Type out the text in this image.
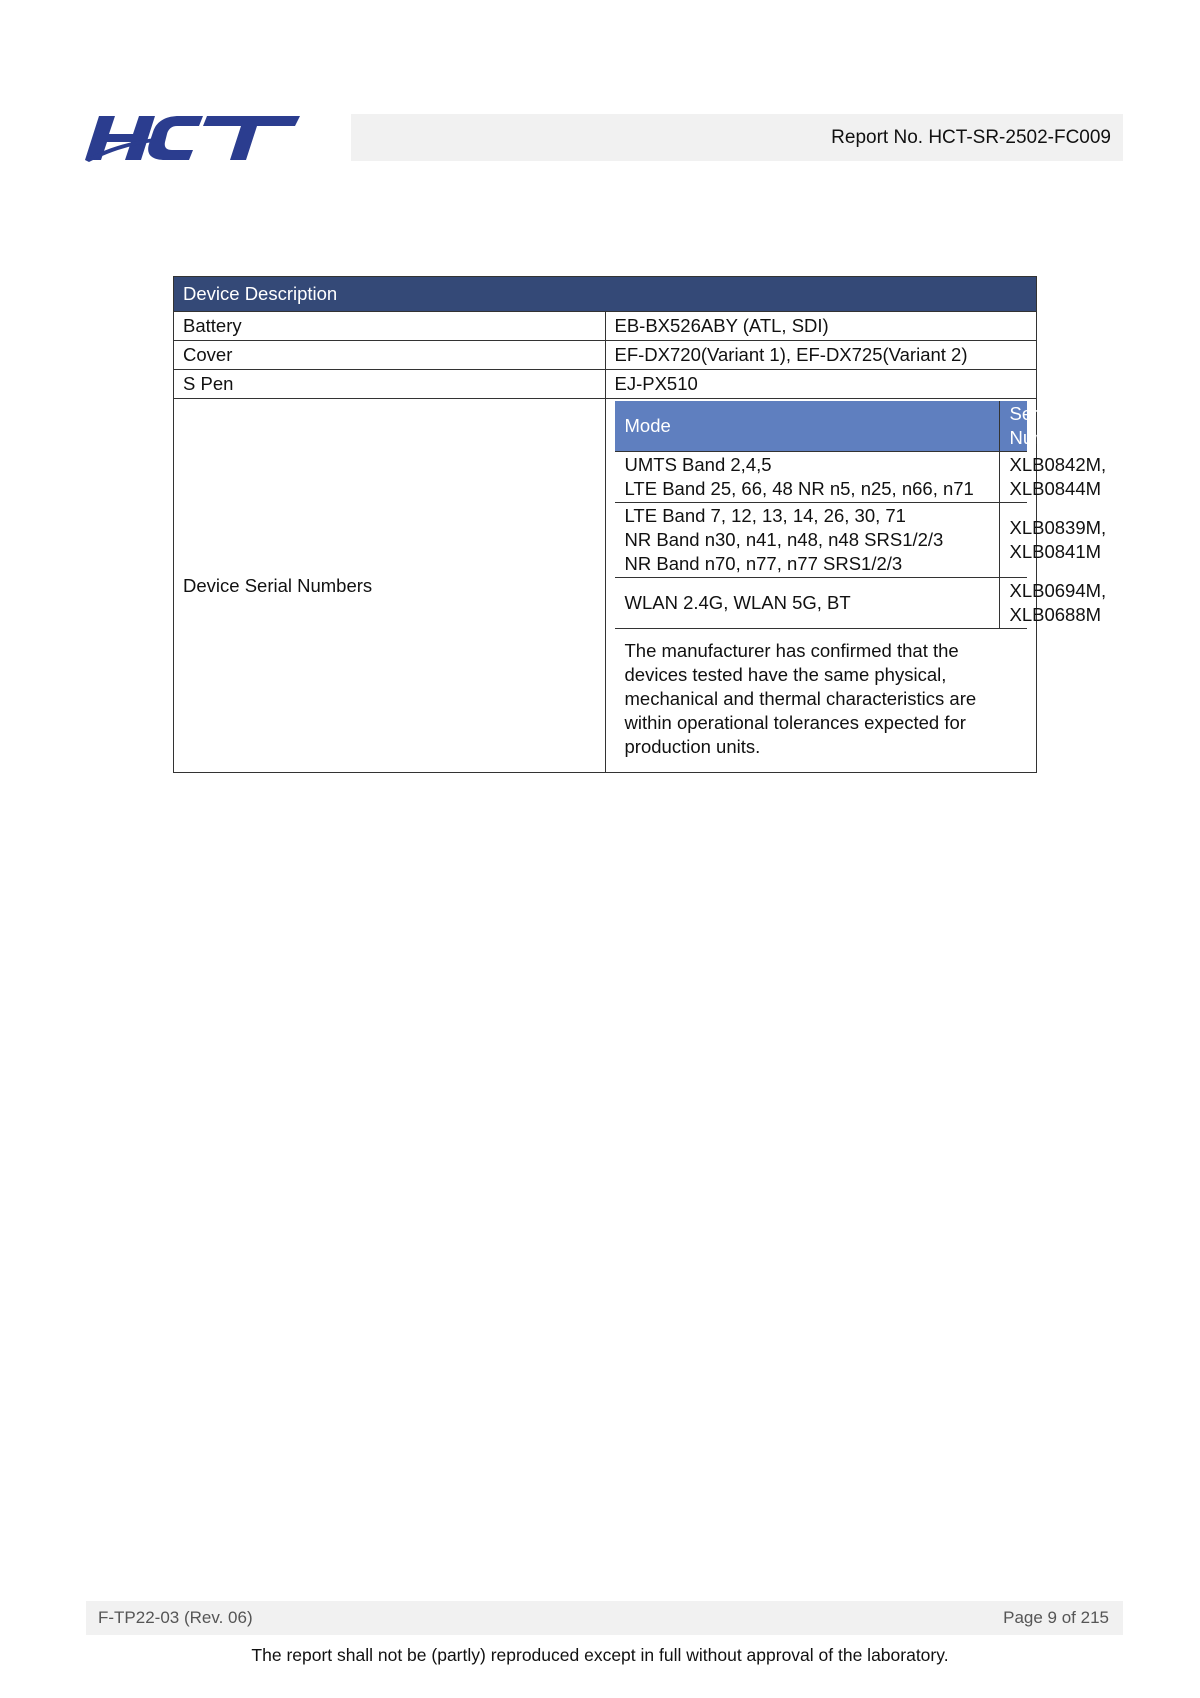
Report No. HCT-SR-2502-FC009
Device Description
Battery	EB-BX526ABY (ATL, SDI)
Cover	EF-DX720(Variant 1), EF-DX725(Variant 2)
S Pen	EJ-PX510
Device Serial Numbers	
Mode	Serial Number

UMTS Band 2,4,5
LTE Band 25, 66, 48 NR n5, n25, n66, n71
	XLB0842M, XLB0844M

LTE Band 7, 12, 13, 14, 26, 30, 71
NR Band n30, n41, n48, n48 SRS1/2/3
NR Band n70, n77, n77 SRS1/2/3
	XLB0839M, XLB0841M

WLAN 2.4G, WLAN 5G, BT
	XLB0694M, XLB0688M
The manufacturer has confirmed that the devices tested have the same physical, mechanical and thermal characteristics are within operational tolerances expected for production units.
F-TP22-03 (Rev. 06)	Page 9 of 215
The report shall not be (partly) reproduced except in full without approval of the laboratory.
